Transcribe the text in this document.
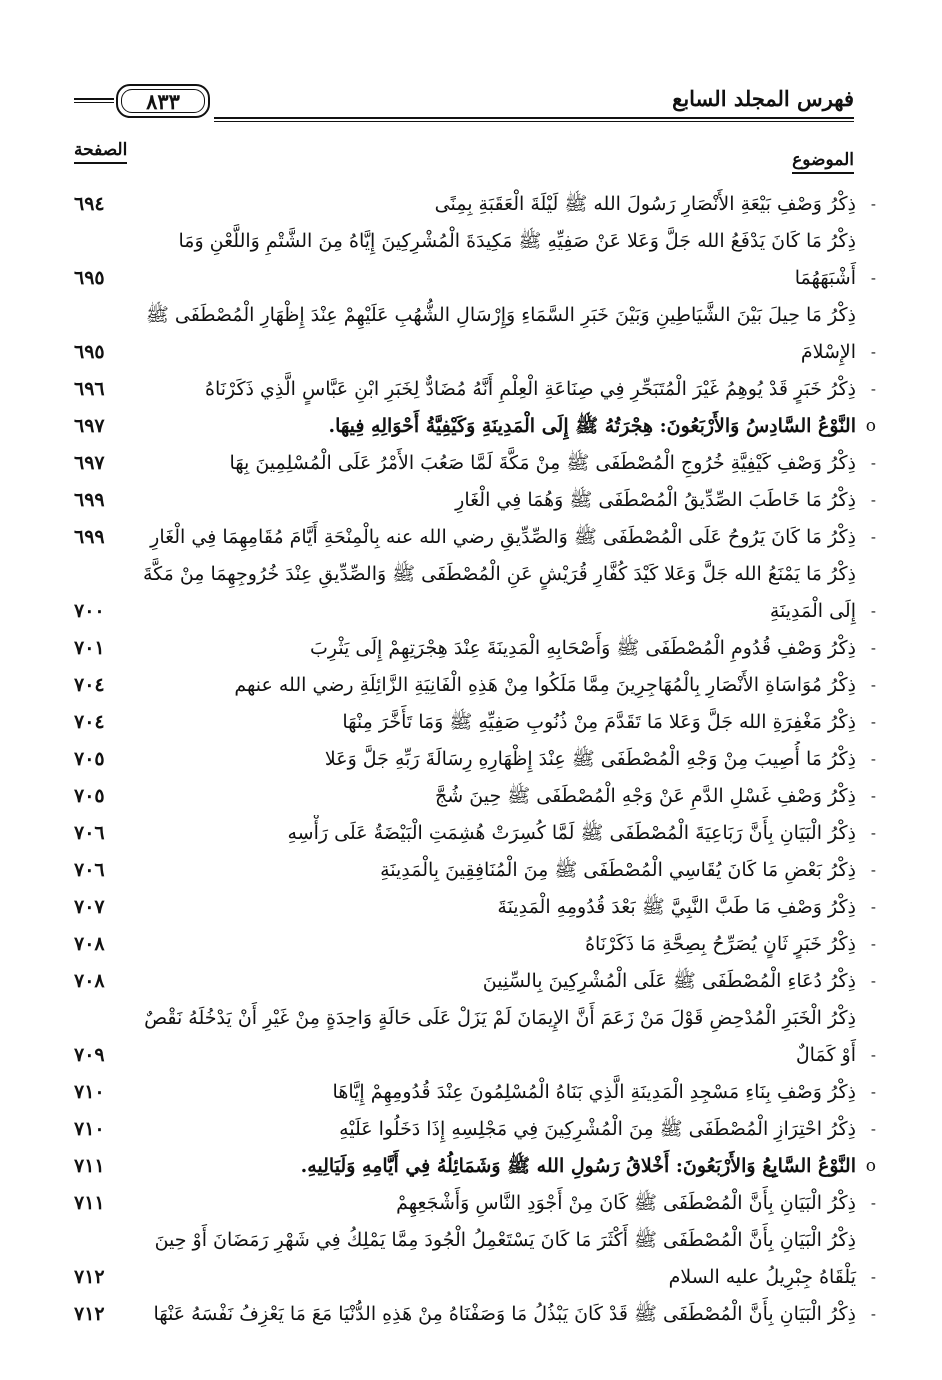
فهرس المجلد السابع
٨٣٣
الموضوع
الصفحة
-
ذِكْرُ وَصْفِ بَيْعَةِ الأَنْصَارِ رَسُولَ الله ﷺ لَيْلَةَ الْعَقَبَةِ بِمِنًى
٦٩٤
-
ذِكْرُ مَا كَانَ يَدْفَعُ الله جَلَّ وَعَلا عَنْ صَفِيِّهِ ﷺ مَكِيدَةَ الْمُشْرِكِينَ إِيَّاهُ مِنَ الشَّتْمِ وَاللَّعْنِ وَمَا أَشْبَهَهُمَا
٦٩٥
-
ذِكْرُ مَا حِيلَ بَيْنَ الشَّيَاطِينِ وَبَيْنَ خَبَرِ السَّمَاءِ وَإِرْسَالِ الشُّهُبِ عَلَيْهِمْ عِنْدَ إِظْهَارِ الْمُصْطَفَى ﷺ الإِسْلامَ
٦٩٥
-
ذِكْرُ خَبَرٍ قَدْ يُوهِمُ غَيْرَ الْمُتَبَحِّرِ فِي صِنَاعَةِ الْعِلْمِ أَنَّهُ مُضَادٌّ لِخَبَرِ ابْنِ عَبَّاسٍ الَّذِي ذَكَرْنَاهُ
٦٩٦
o
النَّوْعُ السَّادِسُ وَالأَرْبَعُونَ: هِجْرَتُهُ ﷺ إِلَى الْمَدِينَةِ وَكَيْفِيَّةُ أَحْوَالِهِ فِيهَا.
٦٩٧
-
ذِكْرُ وَصْفِ كَيْفِيَّةِ خُرُوجِ الْمُصْطَفَى ﷺ مِنْ مَكَّةَ لَمَّا صَعُبَ الأَمْرُ عَلَى الْمُسْلِمِينَ بِهَا
٦٩٧
-
ذِكْرُ مَا خَاطَبَ الصِّدِّيقُ الْمُصْطَفَى ﷺ وَهُمَا فِي الْغَارِ
٦٩٩
-
ذِكْرُ مَا كَانَ يَرُوحُ عَلَى الْمُصْطَفَى ﷺ وَالصِّدِّيقِ رضي الله عنه بِالْمِنْحَةِ أَيَّامَ مُقَامِهِمَا فِي الْغَارِ
٦٩٩
-
ذِكْرُ مَا يَمْنَعُ الله جَلَّ وَعَلا كَيْدَ كُفَّارِ قُرَيْشٍ عَنِ الْمُصْطَفَى ﷺ وَالصِّدِّيقِ عِنْدَ خُرُوجِهِمَا مِنْ مَكَّةَ إِلَى الْمَدِينَةِ
٧٠٠
-
ذِكْرُ وَصْفِ قُدُومِ الْمُصْطَفَى ﷺ وَأَصْحَابِهِ الْمَدِينَةَ عِنْدَ هِجْرَتِهِمْ إِلَى يَثْرِبَ
٧٠١
-
ذِكْرُ مُوَاسَاةِ الأَنْصَارِ بِالْمُهَاجِرِينَ مِمَّا مَلَكُوا مِنْ هَذِهِ الْفَانِيَةِ الزَّائِلَةِ رضي الله عنهم
٧٠٤
-
ذِكْرُ مَغْفِرَةِ الله جَلَّ وَعَلا مَا تَقَدَّمَ مِنْ ذُنُوبِ صَفِيِّهِ ﷺ وَمَا تَأَخَّرَ مِنْهَا
٧٠٤
-
ذِكْرُ مَا أُصِيبَ مِنْ وَجْهِ الْمُصْطَفَى ﷺ عِنْدَ إِظْهَارِهِ رِسَالَةَ رَبِّهِ جَلَّ وَعَلا
٧٠٥
-
ذِكْرُ وَصْفِ غَسْلِ الدَّمِ عَنْ وَجْهِ الْمُصْطَفَى ﷺ حِينَ شُجَّ
٧٠٥
-
ذِكْرُ الْبَيَانِ بِأَنَّ رَبَاعِيَةَ الْمُصْطَفَى ﷺ لَمَّا كُسِرَتْ هُشِمَتِ الْبَيْضَةُ عَلَى رَأْسِهِ
٧٠٦
-
ذِكْرُ بَعْضِ مَا كَانَ يُقَاسِي الْمُصْطَفَى ﷺ مِنَ الْمُنَافِقِينَ بِالْمَدِينَةِ
٧٠٦
-
ذِكْرُ وَصْفِ مَا طَبَّ النَّبِيَّ ﷺ بَعْدَ قُدُومِهِ الْمَدِينَةَ
٧٠٧
-
ذِكْرُ خَبَرٍ ثَانٍ يُصَرِّحُ بِصِحَّةِ مَا ذَكَرْنَاهُ
٧٠٨
-
ذِكْرُ دُعَاءِ الْمُصْطَفَى ﷺ عَلَى الْمُشْرِكِينَ بِالسِّنِينَ
٧٠٨
-
ذِكْرُ الْخَبَرِ الْمُدْحِضِ قَوْلَ مَنْ زَعَمَ أَنَّ الإِيمَانَ لَمْ يَزَلْ عَلَى حَالَةٍ وَاحِدَةٍ مِنْ غَيْرِ أَنْ يَدْخُلَهُ نَقْصٌ أَوْ كَمَالٌ
٧٠٩
-
ذِكْرُ وَصْفِ بِنَاءِ مَسْجِدِ الْمَدِينَةِ الَّذِي بَنَاهُ الْمُسْلِمُونَ عِنْدَ قُدُومِهِمْ إِيَّاهَا
٧١٠
-
ذِكْرُ احْتِرَازِ الْمُصْطَفَى ﷺ مِنَ الْمُشْرِكِينَ فِي مَجْلِسِهِ إِذَا دَخَلُوا عَلَيْهِ
٧١٠
o
النَّوْعُ السَّابِعُ وَالأَرْبَعُونَ: أَخْلاقُ رَسُولِ الله ﷺ وَشَمَائِلُهُ فِي أَيَّامِهِ وَلَيَالِيهِ.
٧١١
-
ذِكْرُ الْبَيَانِ بِأَنَّ الْمُصْطَفَى ﷺ كَانَ مِنْ أَجْوَدِ النَّاسِ وَأَشْجَعِهِمْ
٧١١
-
ذِكْرُ الْبَيَانِ بِأَنَّ الْمُصْطَفَى ﷺ أَكْثَرَ مَا كَانَ يَسْتَعْمِلُ الْجُودَ مِمَّا يَمْلِكُ فِي شَهْرِ رَمَضَانَ أَوْ حِينَ يَلْقَاهُ جِبْرِيلُ عليه السلام
٧١٢
-
ذِكْرُ الْبَيَانِ بِأَنَّ الْمُصْطَفَى ﷺ قَدْ كَانَ يَبْذُلُ مَا وَصَفْنَاهُ مِنْ هَذِهِ الدُّنْيَا مَعَ مَا يَعْزِفُ نَفْسَهُ عَنْهَا
٧١٢
